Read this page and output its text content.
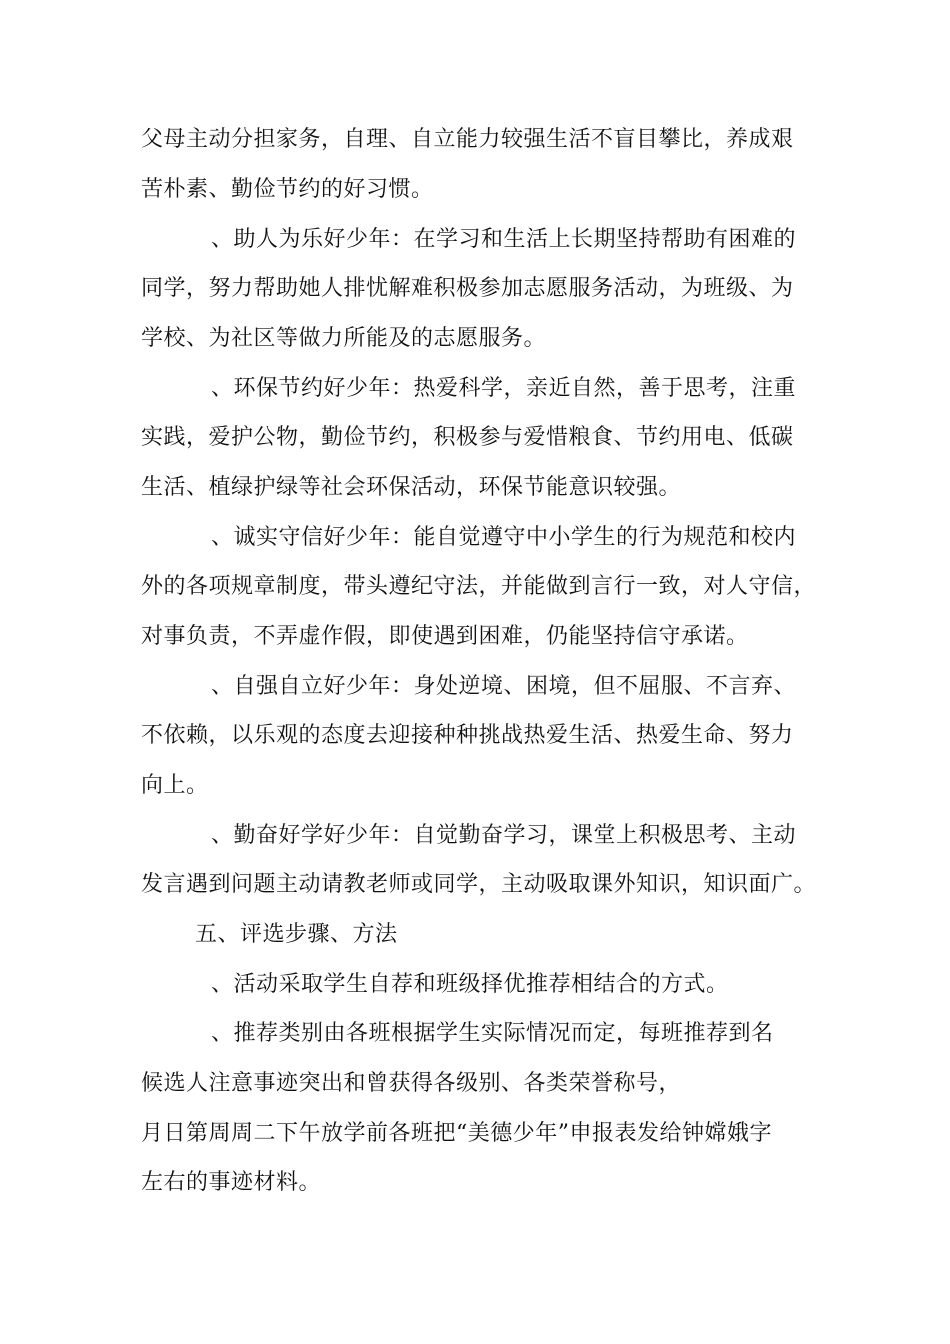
父母主动分担家务，自理、自立能力较强生活不盲目攀比，养成艰
苦朴素、勤俭节约的好习惯。
、助人为乐好少年：在学习和生活上长期坚持帮助有困难的
同学，努力帮助她人排忧解难积极参加志愿服务活动，为班级、为
学校、为社区等做力所能及的志愿服务。
、环保节约好少年：热爱科学，亲近自然，善于思考，注重
实践，爱护公物，勤俭节约，积极参与爱惜粮食、节约用电、低碳
生活、植绿护绿等社会环保活动，环保节能意识较强。
、诚实守信好少年：能自觉遵守中小学生的行为规范和校内
外的各项规章制度，带头遵纪守法，并能做到言行一致，对人守信，
对事负责，不弄虚作假，即使遇到困难，仍能坚持信守承诺。
、自强自立好少年：身处逆境、困境，但不屈服、不言弃、
不依赖，以乐观的态度去迎接种种挑战热爱生活、热爱生命、努力
向上。
、勤奋好学好少年：自觉勤奋学习，课堂上积极思考、主动
发言遇到问题主动请教老师或同学，主动吸取课外知识，知识面广。
五、评选步骤、方法
、活动采取学生自荐和班级择优推荐相结合的方式。
、推荐类别由各班根据学生实际情况而定，每班推荐到名
候选人注意事迹突出和曾获得各级别、各类荣誉称号，
月日第周周二下午放学前各班把“美德少年”申报表发给钟嫦娥字
左右的事迹材料。
